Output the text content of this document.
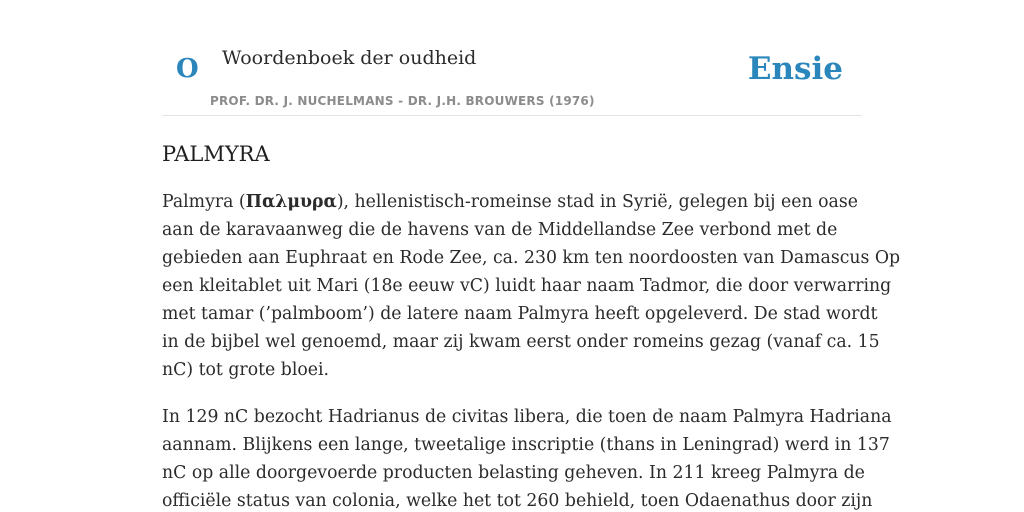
O Woordenboek der oudheid
PROF. DR. J. NUCHELMANS - DR. J.H. BROUWERS (1976)
Ensie
PALMYRA

Palmyra (Παλμυρα), hellenistisch-romeinse stad in Syrië, gelegen bij een oase
aan de karavaanweg die de havens van de Middellandse Zee verbond met de
gebieden aan Euphraat en Rode Zee, ca. 230 km ten noordoosten van Damascus Op
een kleitablet uit Mari (18e eeuw vC) luidt haar naam Tadmor, die door verwarring
met tamar (’palmboom’) de latere naam Palmyra heeft opgeleverd. De stad wordt
in de bijbel wel genoemd, maar zij kwam eerst onder romeins gezag (vanaf ca. 15
nC) tot grote bloei.

In 129 nC bezocht Hadrianus de civitas libera, die toen de naam Palmyra Hadriana
aannam. Blijkens een lange, tweetalige inscriptie (thans in Leningrad) werd in 137
nC op alle doorgevoerde producten belasting geheven. In 211 kreeg Palmyra de
officiële status van colonia, welke het tot 260 behield, toen Odaenathus door zijn
